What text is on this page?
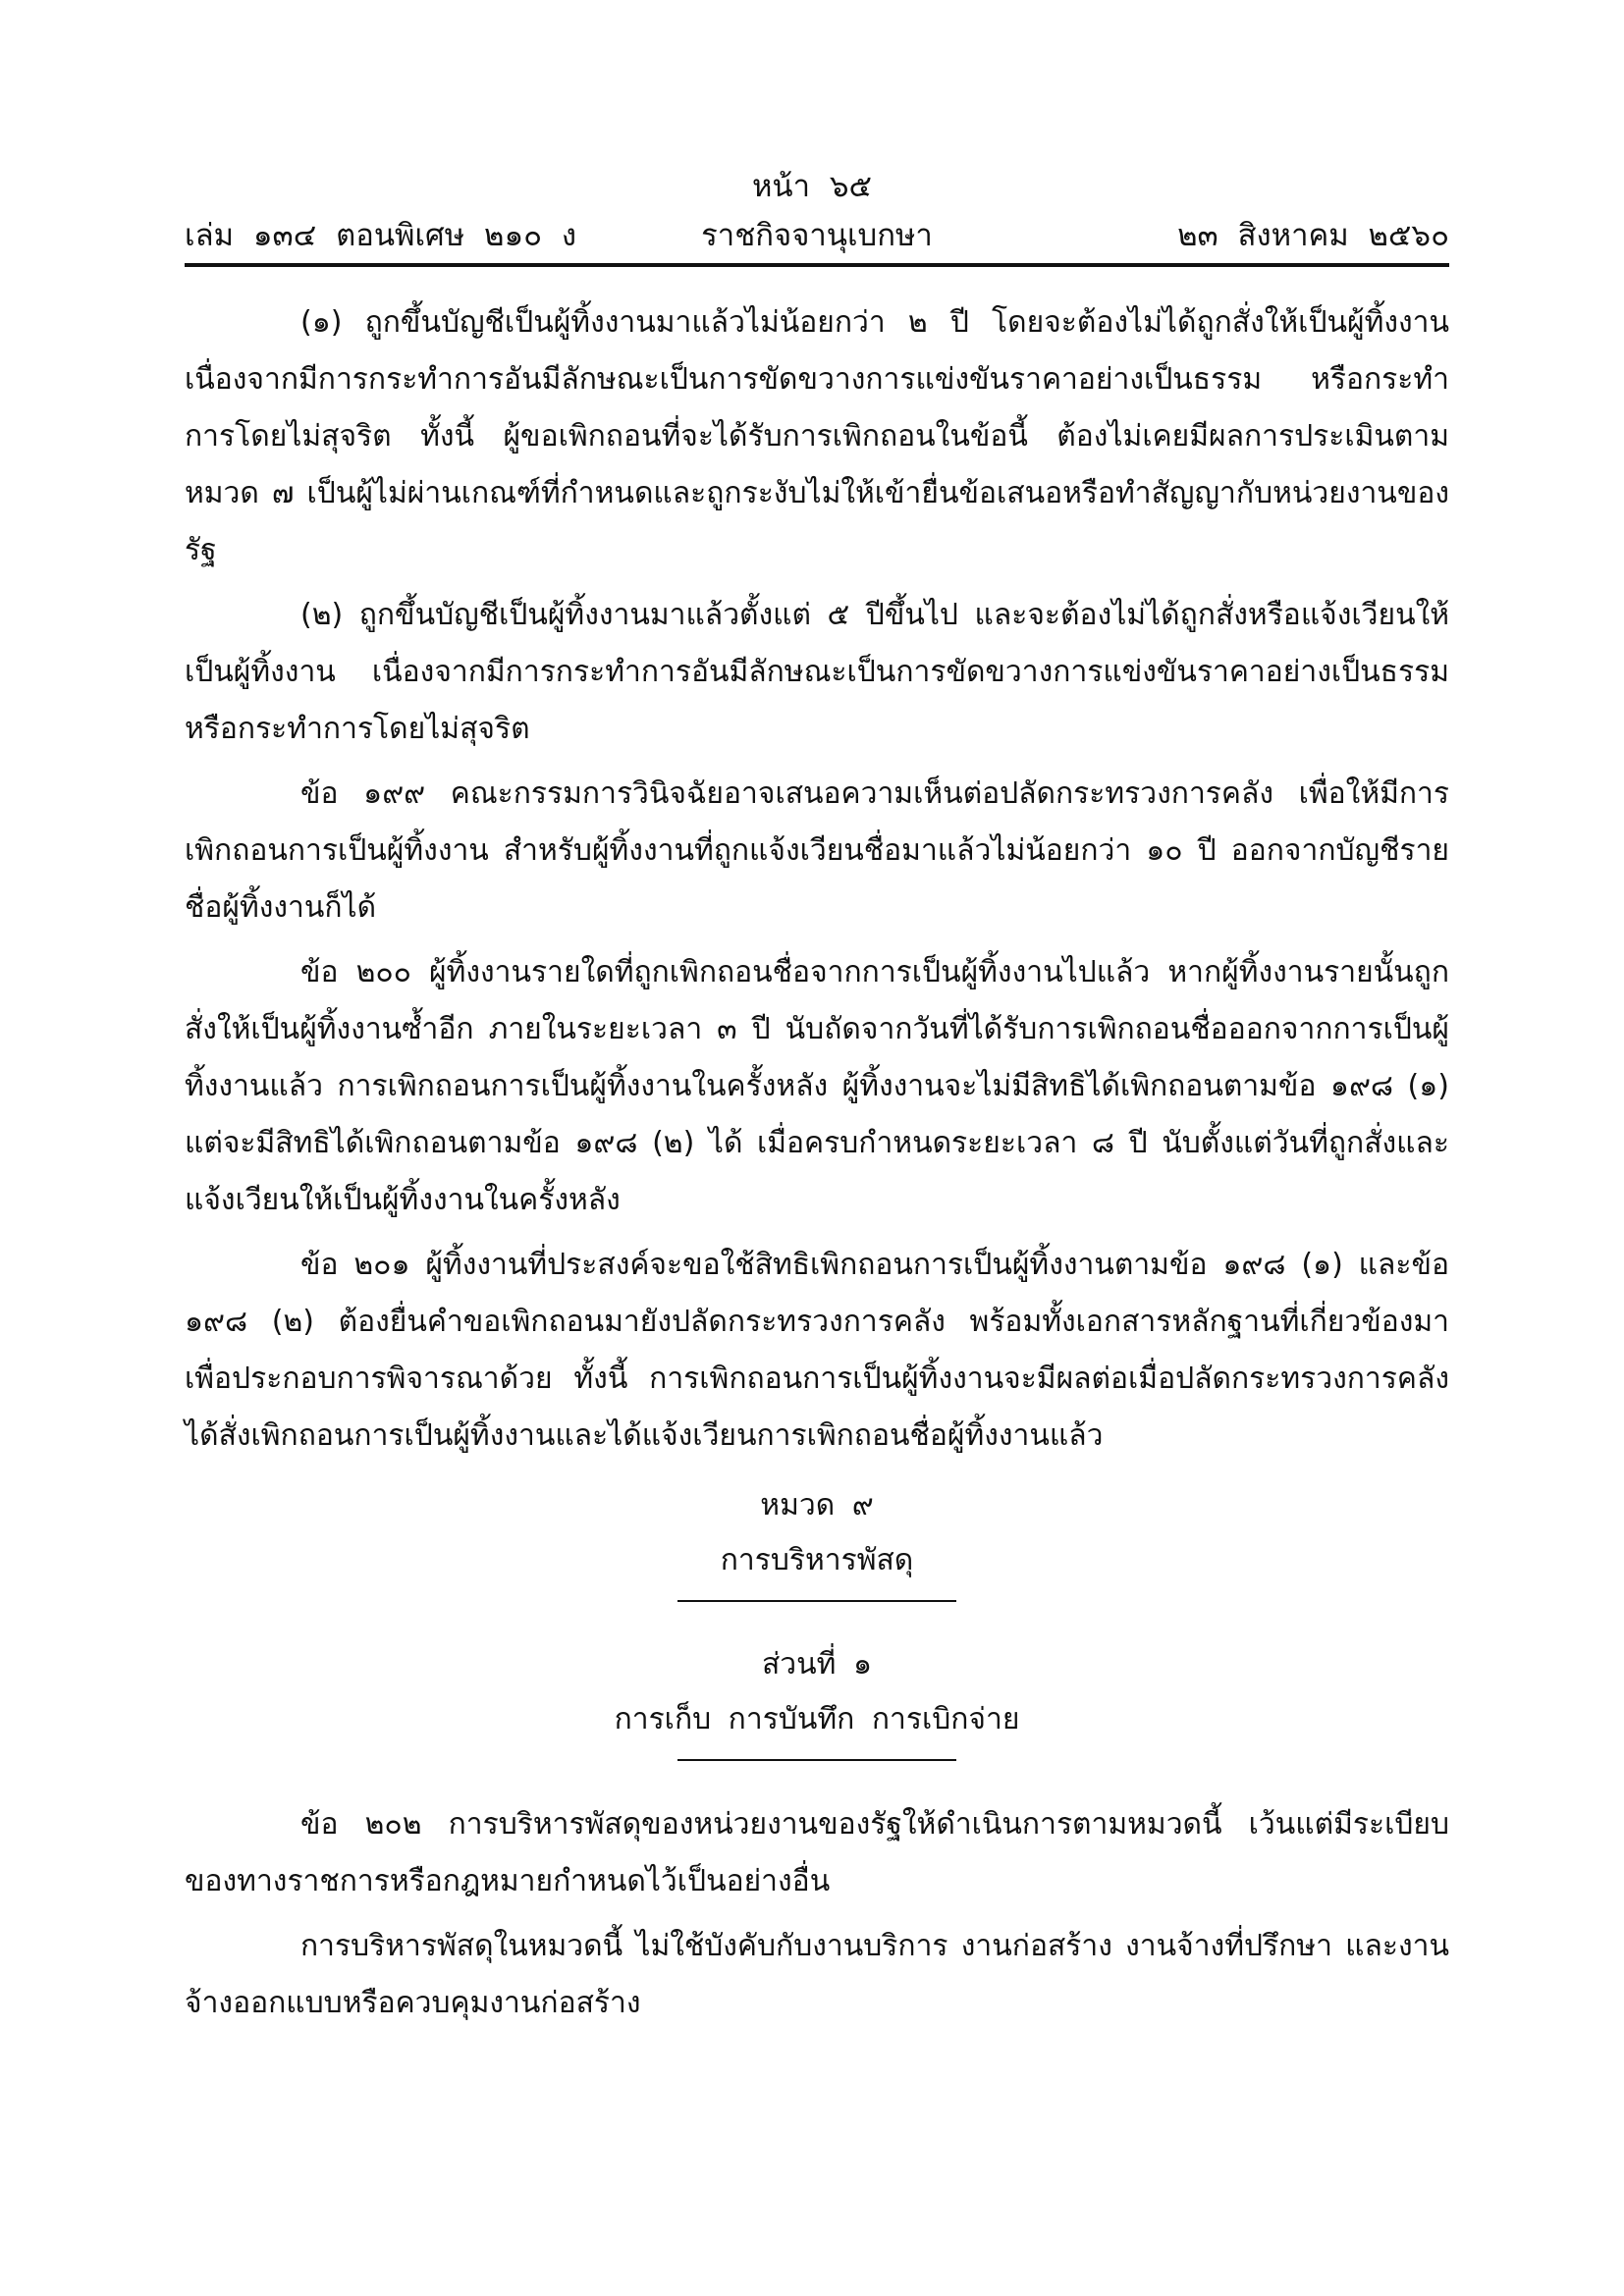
หน้า ๖๕
เล่ม ๑๓๔ ตอนพิเศษ ๒๑๐ ง	ราชกิจจานุเบกษา	๒๓ สิงหาคม ๒๕๖๐

(๑) ถูกขึ้นบัญชีเป็นผู้ทิ้งงานมาแล้วไม่น้อยกว่า ๒ ปี โดยจะต้องไม่ได้ถูกสั่งให้เป็นผู้ทิ้งงาน เนื่องจากมีการกระทำการอันมีลักษณะเป็นการขัดขวางการแข่งขันราคาอย่างเป็นธรรม หรือกระทำการโดยไม่สุจริต ทั้งนี้ ผู้ขอเพิกถอนที่จะได้รับการเพิกถอนในข้อนี้ ต้องไม่เคยมีผลการประเมินตามหมวด ๗ เป็นผู้ไม่ผ่านเกณฑ์ที่กำหนดและถูกระงับไม่ให้เข้ายื่นข้อเสนอหรือทำสัญญากับหน่วยงานของรัฐ

(๒) ถูกขึ้นบัญชีเป็นผู้ทิ้งงานมาแล้วตั้งแต่ ๕ ปีขึ้นไป และจะต้องไม่ได้ถูกสั่งหรือแจ้งเวียนให้เป็นผู้ทิ้งงาน เนื่องจากมีการกระทำการอันมีลักษณะเป็นการขัดขวางการแข่งขันราคาอย่างเป็นธรรม หรือกระทำการโดยไม่สุจริต

ข้อ ๑๙๙ คณะกรรมการวินิจฉัยอาจเสนอความเห็นต่อปลัดกระทรวงการคลัง เพื่อให้มีการเพิกถอนการเป็นผู้ทิ้งงาน สำหรับผู้ทิ้งงานที่ถูกแจ้งเวียนชื่อมาแล้วไม่น้อยกว่า ๑๐ ปี ออกจากบัญชีรายชื่อผู้ทิ้งงานก็ได้

ข้อ ๒๐๐ ผู้ทิ้งงานรายใดที่ถูกเพิกถอนชื่อจากการเป็นผู้ทิ้งงานไปแล้ว หากผู้ทิ้งงานรายนั้นถูกสั่งให้เป็นผู้ทิ้งงานซ้ำอีก ภายในระยะเวลา ๓ ปี นับถัดจากวันที่ได้รับการเพิกถอนชื่อออกจากการเป็นผู้ทิ้งงานแล้ว การเพิกถอนการเป็นผู้ทิ้งงานในครั้งหลัง ผู้ทิ้งงานจะไม่มีสิทธิได้เพิกถอนตามข้อ ๑๙๘ (๑) แต่จะมีสิทธิได้เพิกถอนตามข้อ ๑๙๘ (๒) ได้ เมื่อครบกำหนดระยะเวลา ๘ ปี นับตั้งแต่วันที่ถูกสั่งและแจ้งเวียนให้เป็นผู้ทิ้งงานในครั้งหลัง

ข้อ ๒๐๑ ผู้ทิ้งงานที่ประสงค์จะขอใช้สิทธิเพิกถอนการเป็นผู้ทิ้งงานตามข้อ ๑๙๘ (๑) และข้อ ๑๙๘ (๒) ต้องยื่นคำขอเพิกถอนมายังปลัดกระทรวงการคลัง พร้อมทั้งเอกสารหลักฐานที่เกี่ยวข้องมาเพื่อประกอบการพิจารณาด้วย ทั้งนี้ การเพิกถอนการเป็นผู้ทิ้งงานจะมีผลต่อเมื่อปลัดกระทรวงการคลังได้สั่งเพิกถอนการเป็นผู้ทิ้งงานและได้แจ้งเวียนการเพิกถอนชื่อผู้ทิ้งงานแล้ว

หมวด ๙

การบริหารพัสดุ

ส่วนที่ ๑

การเก็บ การบันทึก การเบิกจ่าย

ข้อ ๒๐๒ การบริหารพัสดุของหน่วยงานของรัฐให้ดำเนินการตามหมวดนี้ เว้นแต่มีระเบียบของทางราชการหรือกฎหมายกำหนดไว้เป็นอย่างอื่น

การบริหารพัสดุในหมวดนี้ ไม่ใช้บังคับกับงานบริการ งานก่อสร้าง งานจ้างที่ปรึกษา และงานจ้างออกแบบหรือควบคุมงานก่อสร้าง
